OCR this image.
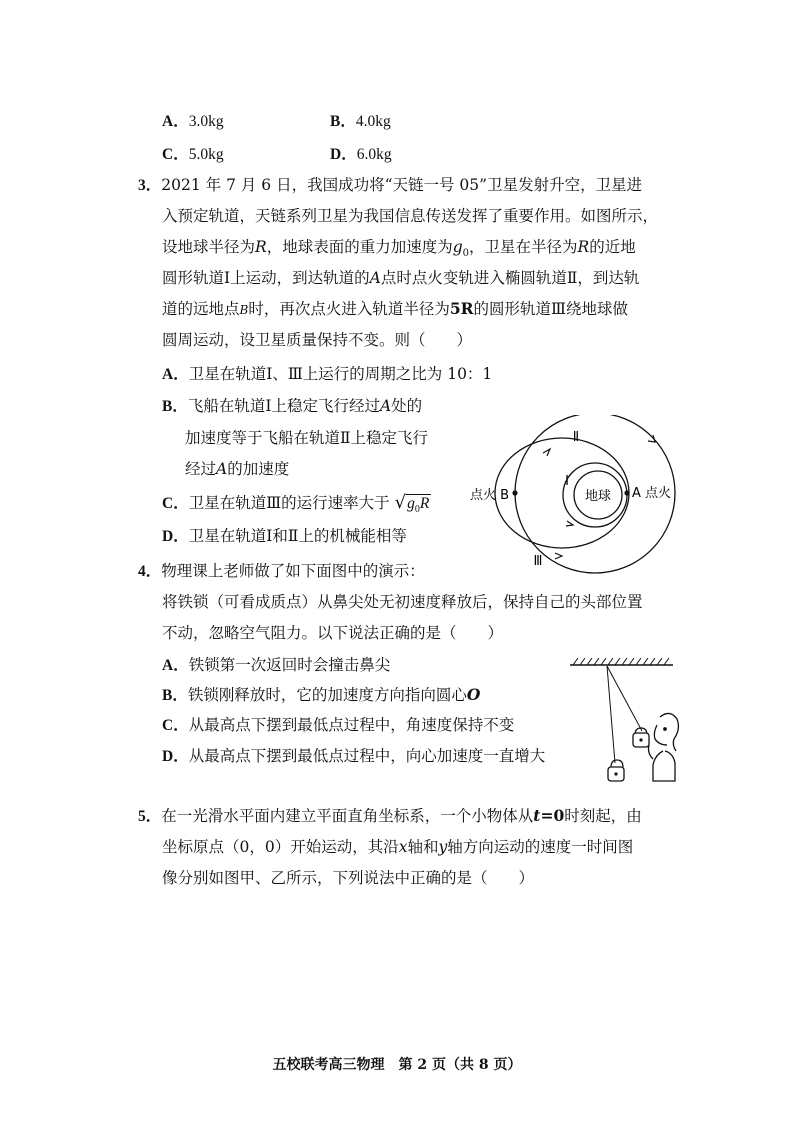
A．3.0kg	B．4.0kg
C．5.0kg	D．6.0kg
3．2021 年 7 月 6 日，我国成功将“天链一号 05”卫星发射升空，卫星进
入预定轨道，天链系列卫星为我国信息传送发挥了重要作用。如图所示，
设地球半径为R，地球表面的重力加速度为$g_0$，卫星在半径为R的近地
圆形轨道Ⅰ上运动，到达轨道的A点时点火变轨进入椭圆轨道Ⅱ，到达轨
道的远地点B时，再次点火进入轨道半径为5R的圆形轨道Ⅲ绕地球做
圆周运动，设卫星质量保持不变。则（　　）
A．卫星在轨道Ⅰ、Ⅲ上运行的周期之比为 10：1
B．飞船在轨道Ⅰ上稳定飞行经过A处的
加速度等于飞船在轨道Ⅱ上稳定飞行
经过A的加速度
C．卫星在轨道Ⅲ的运行速率大于 $√g_0R$
D．卫星在轨道Ⅰ和Ⅱ上的机械能相等
地球
Ⅱ
Ⅰ
Ⅲ
A 点火
点火 B
4．物理课上老师做了如下面图中的演示：
将铁锁（可看成质点）从鼻尖处无初速度释放后，保持自己的头部位置
不动，忽略空气阻力。以下说法正确的是（　　）
A．铁锁第一次返回时会撞击鼻尖
B．铁锁刚释放时，它的加速度方向指向圆心O
C．从最高点下摆到最低点过程中，角速度保持不变
D．从最高点下摆到最低点过程中，向心加速度一直增大
5．在一光滑水平面内建立平面直角坐标系，一个小物体从t=0时刻起，由
坐标原点（0，0）开始运动，其沿x轴和y轴方向运动的速度一时间图
像分别如图甲、乙所示，下列说法中正确的是（　　）
五校联考高三物理　第 2 页（共 8 页）
